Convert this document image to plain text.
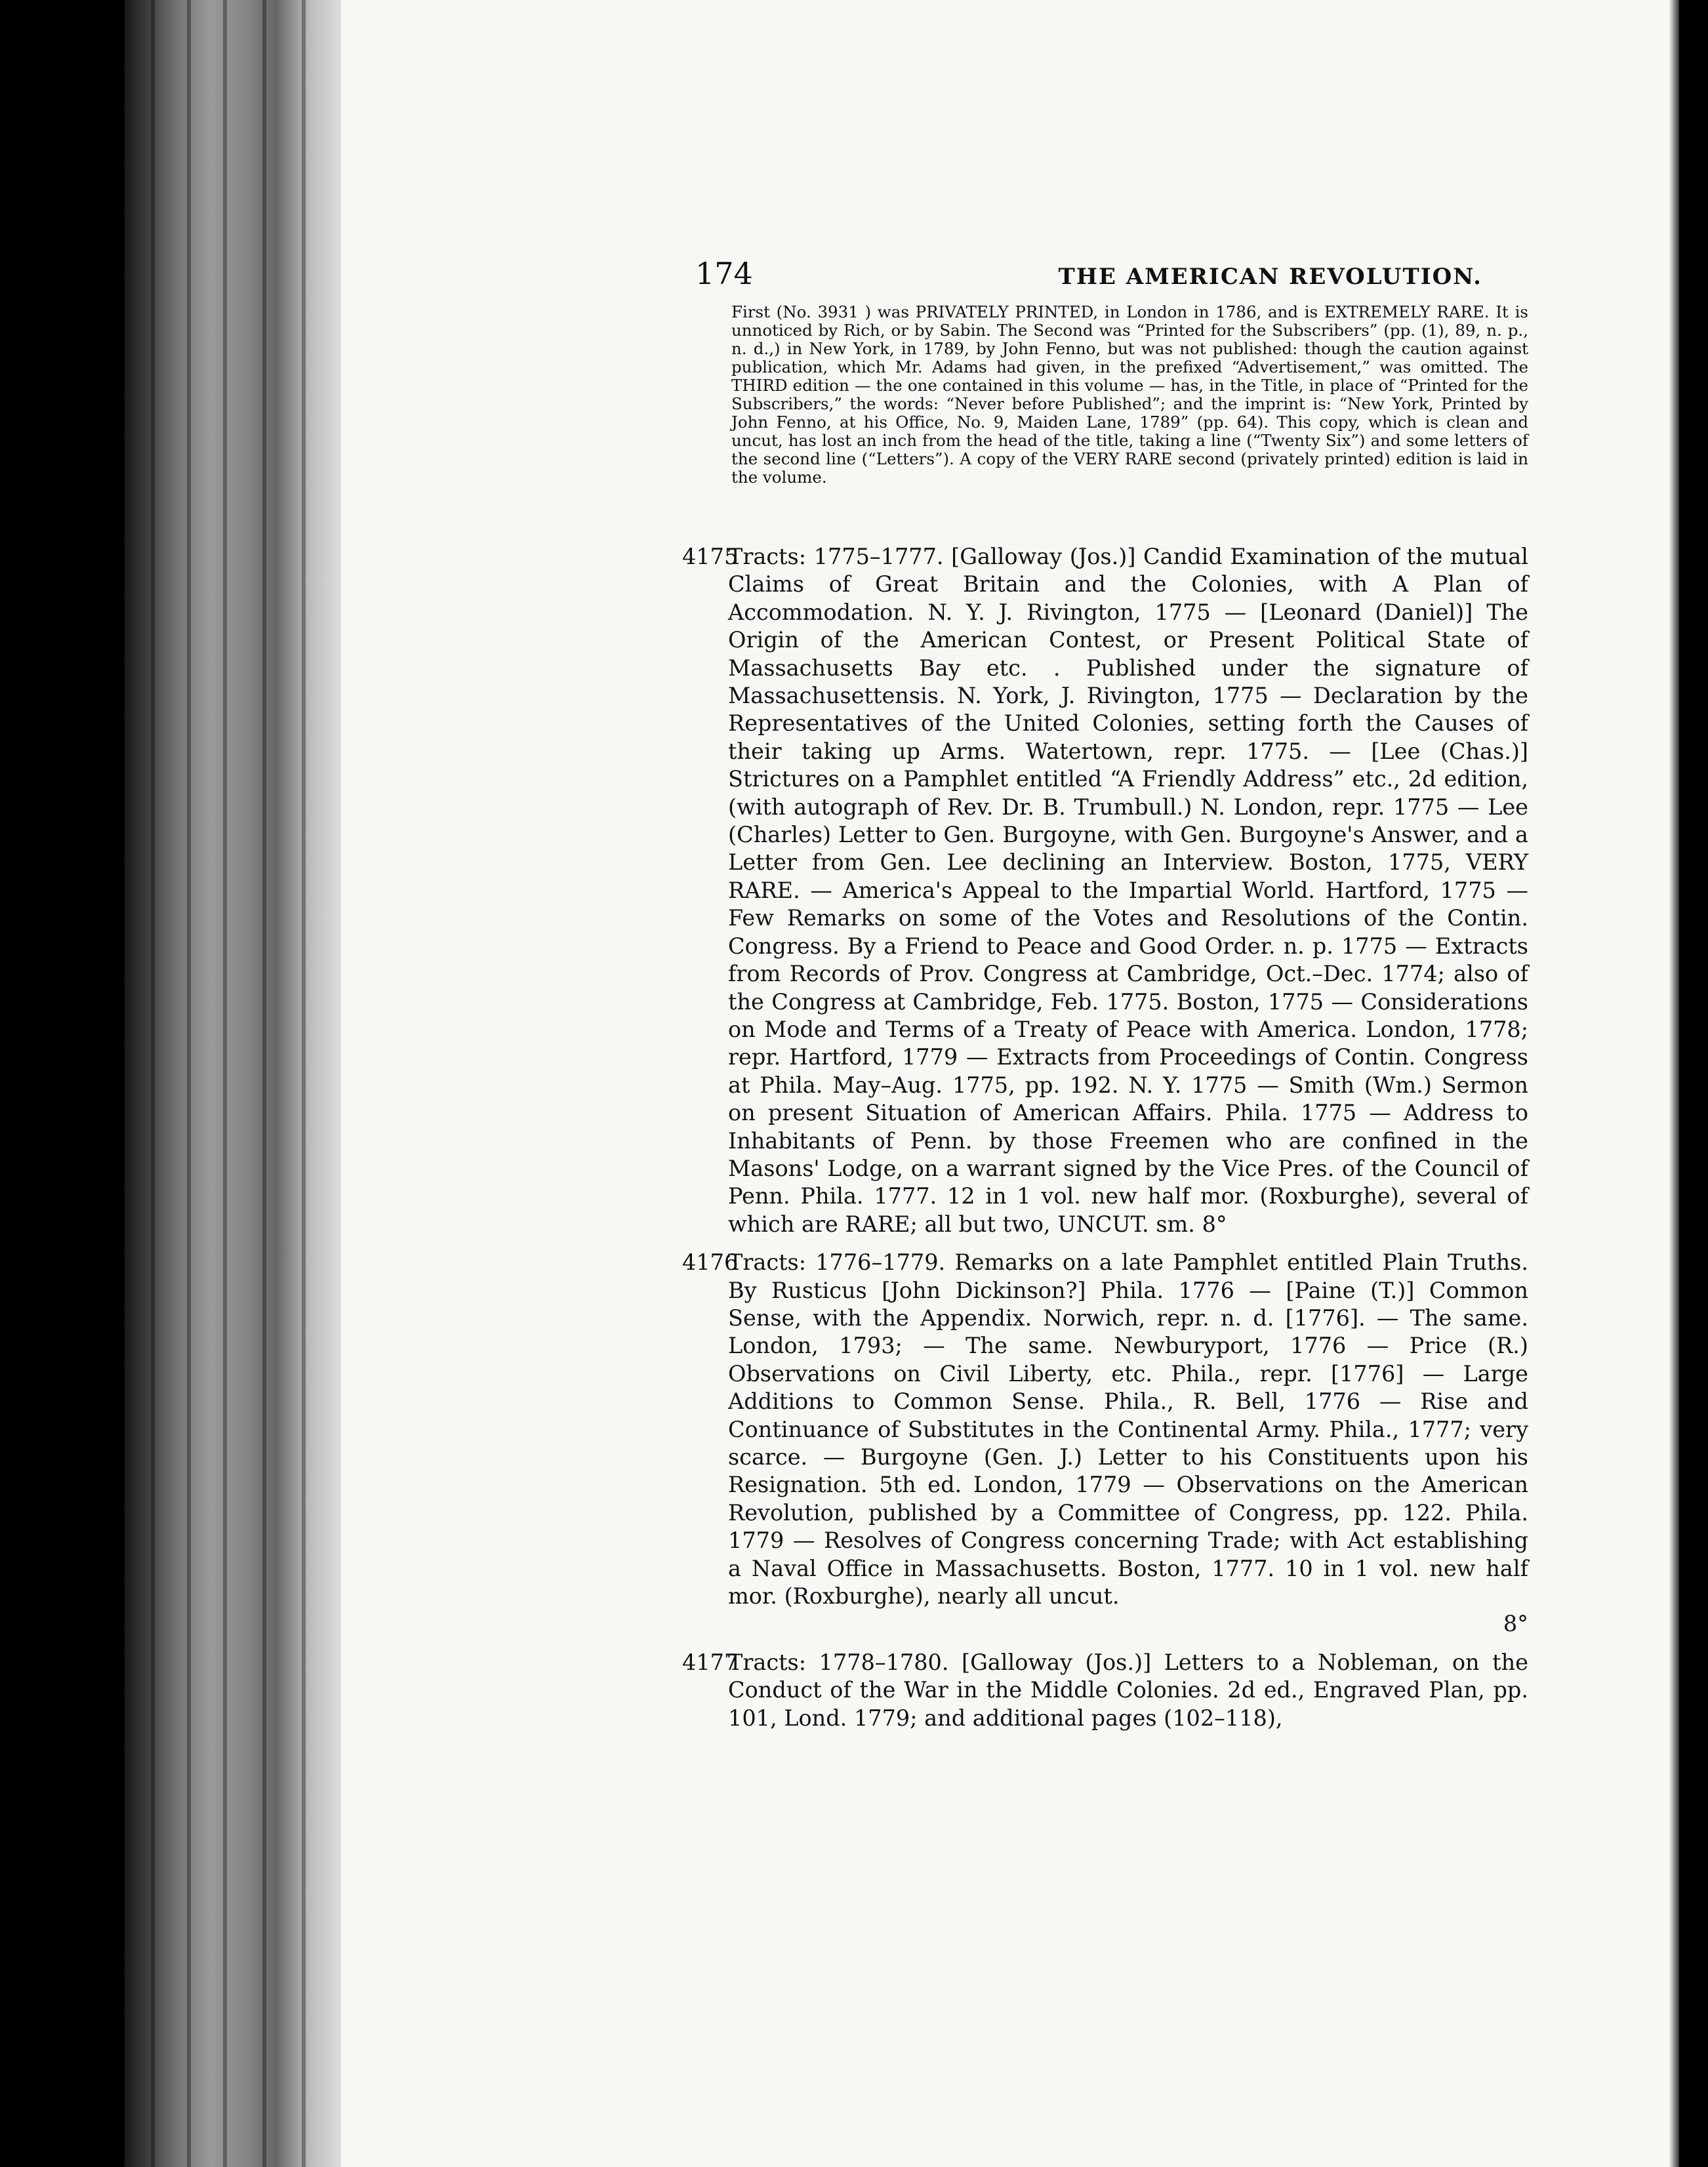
174	THE AMERICAN REVOLUTION.

First (No. 3931 ) was PRIVATELY PRINTED, in London in 1786, and is EXTREMELY RARE. It is unnoticed by Rich, or by Sabin. The Second was “Printed for the Subscribers” (pp. (1), 89, n. p., n. d.,) in New York, in 1789, by John Fenno, but was not published: though the caution against publication, which Mr. Adams had given, in the prefixed “Advertisement,” was omitted. The THIRD edition — the one contained in this volume — has, in the Title, in place of “Printed for the Subscribers,” the words: “Never before Published”; and the imprint is: “New York, Printed by John Fenno, at his Office, No. 9, Maiden Lane, 1789” (pp. 64). This copy, which is clean and uncut, has lost an inch from the head of the title, taking a line (“Twenty Six”) and some letters of the second line (“Letters”). A copy of the VERY RARE second (privately printed) edition is laid in the volume.

4175
Tracts: 1775–1777. [Galloway (Jos.)] Candid Examination of the mutual Claims of Great Britain and the Colonies, with A Plan of Accommodation. N. Y. J. Rivington, 1775 — [Leonard (Daniel)] The Origin of the American Contest, or Present Political State of Massachusetts Bay etc. . Published under the signature of Massachusettensis. N. York, J. Rivington, 1775 — Declaration by the Representatives of the United Colonies, setting forth the Causes of their taking up Arms. Watertown, repr. 1775. — [Lee (Chas.)] Strictures on a Pamphlet entitled “A Friendly Address” etc., 2d edition, (with autograph of Rev. Dr. B. Trumbull.) N. London, repr. 1775 — Lee (Charles) Letter to Gen. Burgoyne, with Gen. Burgoyne's Answer, and a Letter from Gen. Lee declining an Interview. Boston, 1775, VERY RARE. — America's Appeal to the Impartial World. Hartford, 1775 — Few Remarks on some of the Votes and Resolutions of the Contin. Congress. By a Friend to Peace and Good Order. n. p. 1775 — Extracts from Records of Prov. Congress at Cambridge, Oct.–Dec. 1774; also of the Congress at Cambridge, Feb. 1775. Boston, 1775 — Considerations on Mode and Terms of a Treaty of Peace with America. London, 1778; repr. Hartford, 1779 — Extracts from Proceedings of Contin. Congress at Phila. May–Aug. 1775, pp. 192. N. Y. 1775 — Smith (Wm.) Sermon on present Situation of American Affairs. Phila. 1775 — Address to Inhabitants of Penn. by those Freemen who are confined in the Masons' Lodge, on a warrant signed by the Vice Pres. of the Council of Penn. Phila. 1777. 12 in 1 vol. new half mor. (Roxburghe), several of which are RARE; all but two, UNCUT. sm. 8°
4176
Tracts: 1776–1779. Remarks on a late Pamphlet entitled Plain Truths. By Rusticus [John Dickinson?] Phila. 1776 — [Paine (T.)] Common Sense, with the Appendix. Norwich, repr. n. d. [1776]. — The same. London, 1793; — The same. Newburyport, 1776 — Price (R.) Observations on Civil Liberty, etc. Phila., repr. [1776] — Large Additions to Common Sense. Phila., R. Bell, 1776 — Rise and Continuance of Substitutes in the Continental Army. Phila., 1777; very scarce. — Burgoyne (Gen. J.) Letter to his Constituents upon his Resignation. 5th ed. London, 1779 — Observations on the American Revolution, published by a Committee of Congress, pp. 122. Phila. 1779 — Resolves of Congress concerning Trade; with Act establishing a Naval Office in Massachusetts. Boston, 1777. 10 in 1 vol. new half mor. (Roxburghe), nearly all uncut.
8°
4177
Tracts: 1778–1780. [Galloway (Jos.)] Letters to a Nobleman, on the Conduct of the War in the Middle Colonies. 2d ed., Engraved Plan, pp. 101, Lond. 1779; and additional pages (102–118),
